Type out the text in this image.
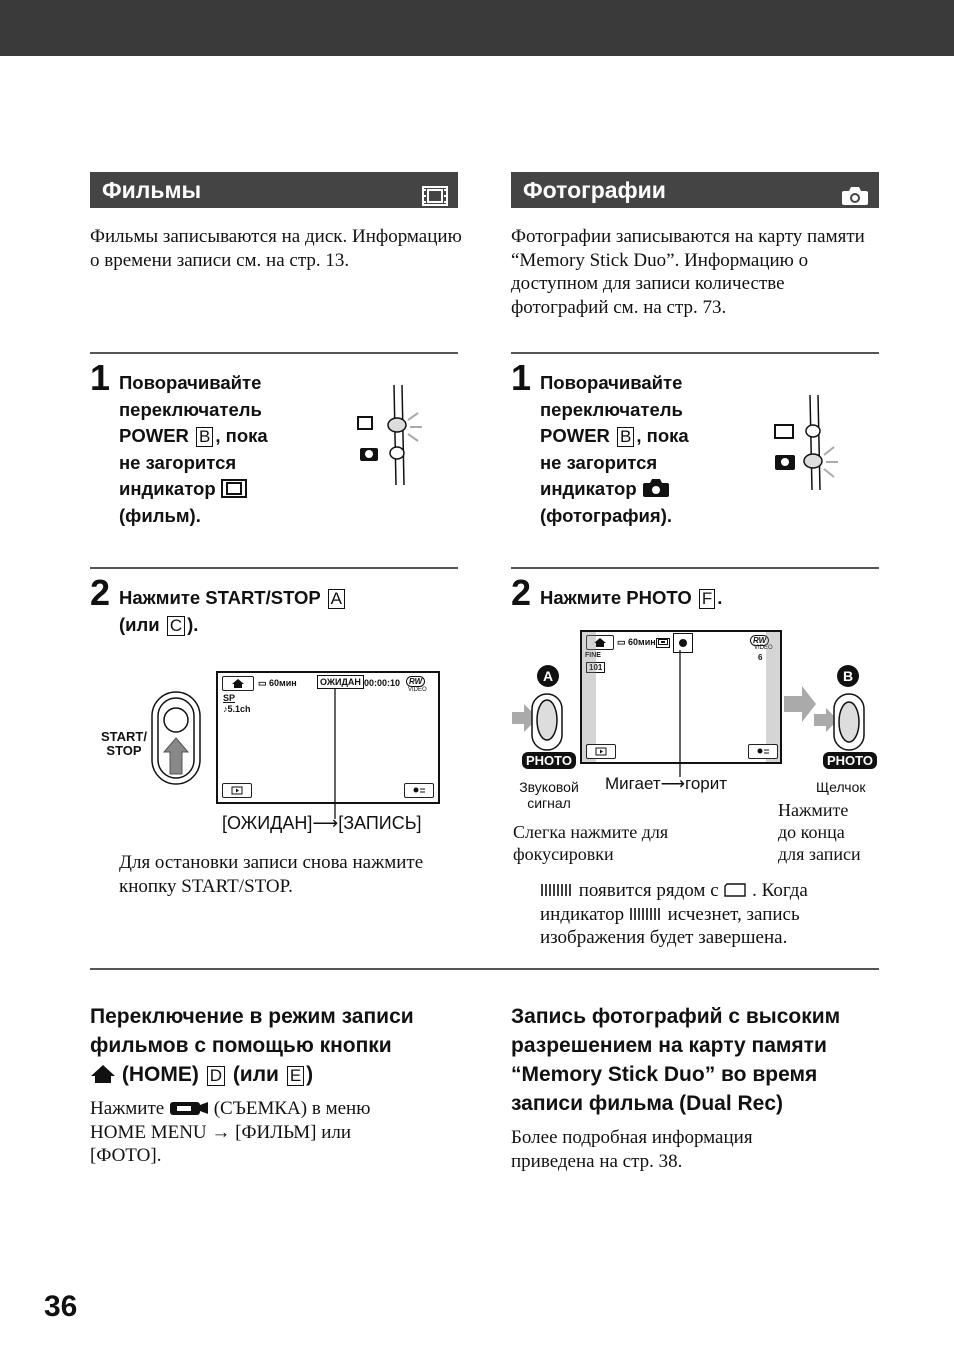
Фильмы
Фильмы записываются на диск. Информацию о времени записи см. на стр. 13.
1 Поворачивайте
переключатель
POWER B , пока
не загорится
индикатор
(фильм).
2 Нажмите START/STOP A
(или C ).
START/
STOP
▭ 60мин	ОЖИДАН 00:00:10	RW
VIDEO
SP
♪5.1ch
[ОЖИДАН]⟶[ЗАПИСЬ]
Для остановки записи снова нажмите кнопку START/STOP.
Переключение в режим записи
фильмов с помощью кнопки
(HOME) D (или E )
Нажмите	(СЪЕМКА) в меню
HOME MENU → [ФИЛЬМ] или
[ФОТО].
Фотографии
Фотографии записываются на карту памяти “Memory Stick Duo”. Информацию о доступном для записи количестве фотографий см. на стр. 73.
1 Поворачивайте
переключатель
POWER B , пока
не загорится
индикатор
(фотография).
2 Нажмите PHOTO F .
▭ 60мин	RW
VIDEO
FINE
101
6
A
PHOTO
B
PHOTO
Звуковой
сигнал
Мигает⟶горит	Щелчок
Слегка нажмите для
фокусировки
Нажмите
до конца
для записи
появится рядом с . Когда
индикатор исчезнет, запись
изображения будет завершена.
Запись фотографий с высоким
разрешением на карту памяти
“Memory Stick Duo” во время
записи фильма (Dual Rec)
Более подробная информация
приведена на стр. 38.
36
